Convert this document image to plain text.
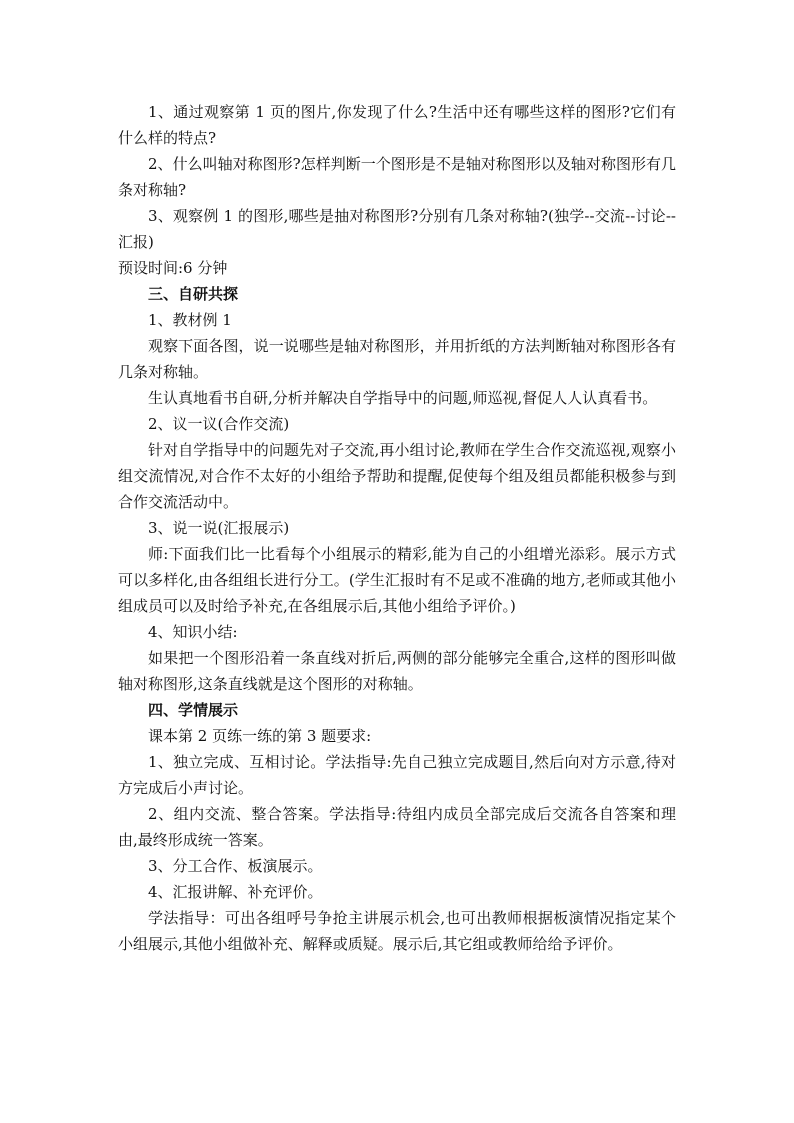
1、通过观察第 1 页的图片,你发现了什么?生活中还有哪些这样的图形?它们有什么样的特点?

2、什么叫轴对称图形?怎样判断一个图形是不是轴对称图形以及轴对称图形有几条对称轴?

3、观察例 1 的图形,哪些是抽对称图形?分别有几条对称轴?(独学--交流--讨论--汇报)

预设时间:6 分钟

三、自研共探

1、教材例 1

观察下面各图，说一说哪些是轴对称图形，并用折纸的方法判断轴对称图形各有几条对称轴。

生认真地看书自研,分析并解决自学指导中的问题,师巡视,督促人人认真看书。

2、议一议(合作交流)

针对自学指导中的问题先对子交流,再小组讨论,教师在学生合作交流巡视,观察小组交流情况,对合作不太好的小组给予帮助和提醒,促使每个组及组员都能积极参与到合作交流活动中。

3、说一说(汇报展示)

师:下面我们比一比看每个小组展示的精彩,能为自己的小组增光添彩。展示方式可以多样化,由各组组长进行分工。(学生汇报时有不足或不准确的地方,老师或其他小组成员可以及时给予补充,在各组展示后,其他小组给予评价。)

4、知识小结:

如果把一个图形沿着一条直线对折后,两侧的部分能够完全重合,这样的图形叫做轴对称图形,这条直线就是这个图形的对称轴。

四、学情展示

课本第 2 页练一练的第 3 题要求:

1、独立完成、互相讨论。学法指导:先自己独立完成题目,然后向对方示意,待对方完成后小声讨论。

2、组内交流、整合答案。学法指导:待组内成员全部完成后交流各自答案和理由,最终形成统一答案。

3、分工合作、板演展示。

4、汇报讲解、补充评价。

学法指导：可出各组呼号争抢主讲展示机会,也可出教师根据板演情况指定某个小组展示,其他小组做补充、解释或质疑。展示后,其它组或教师给给予评价。
